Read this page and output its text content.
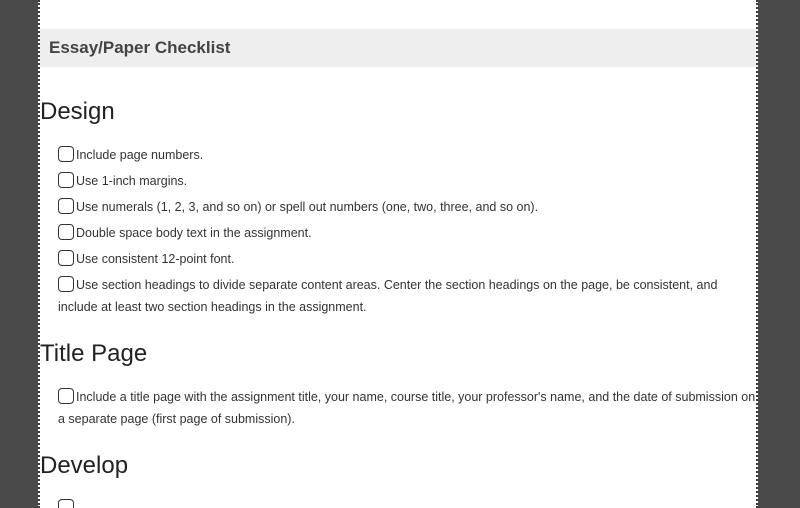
Essay/Paper Checklist
Design
Include page numbers.
Use 1-inch margins.
Use numerals (1, 2, 3, and so on) or spell out numbers (one, two, three, and so on).
Double space body text in the assignment.
Use consistent 12-point font.
Use section headings to divide separate content areas. Center the section headings on the page, be consistent, and
include at least two section headings in the assignment.
Title Page
Include a title page with the assignment title, your name, course title, your professor's name, and the date of submission on
a separate page (first page of submission).
Develop
